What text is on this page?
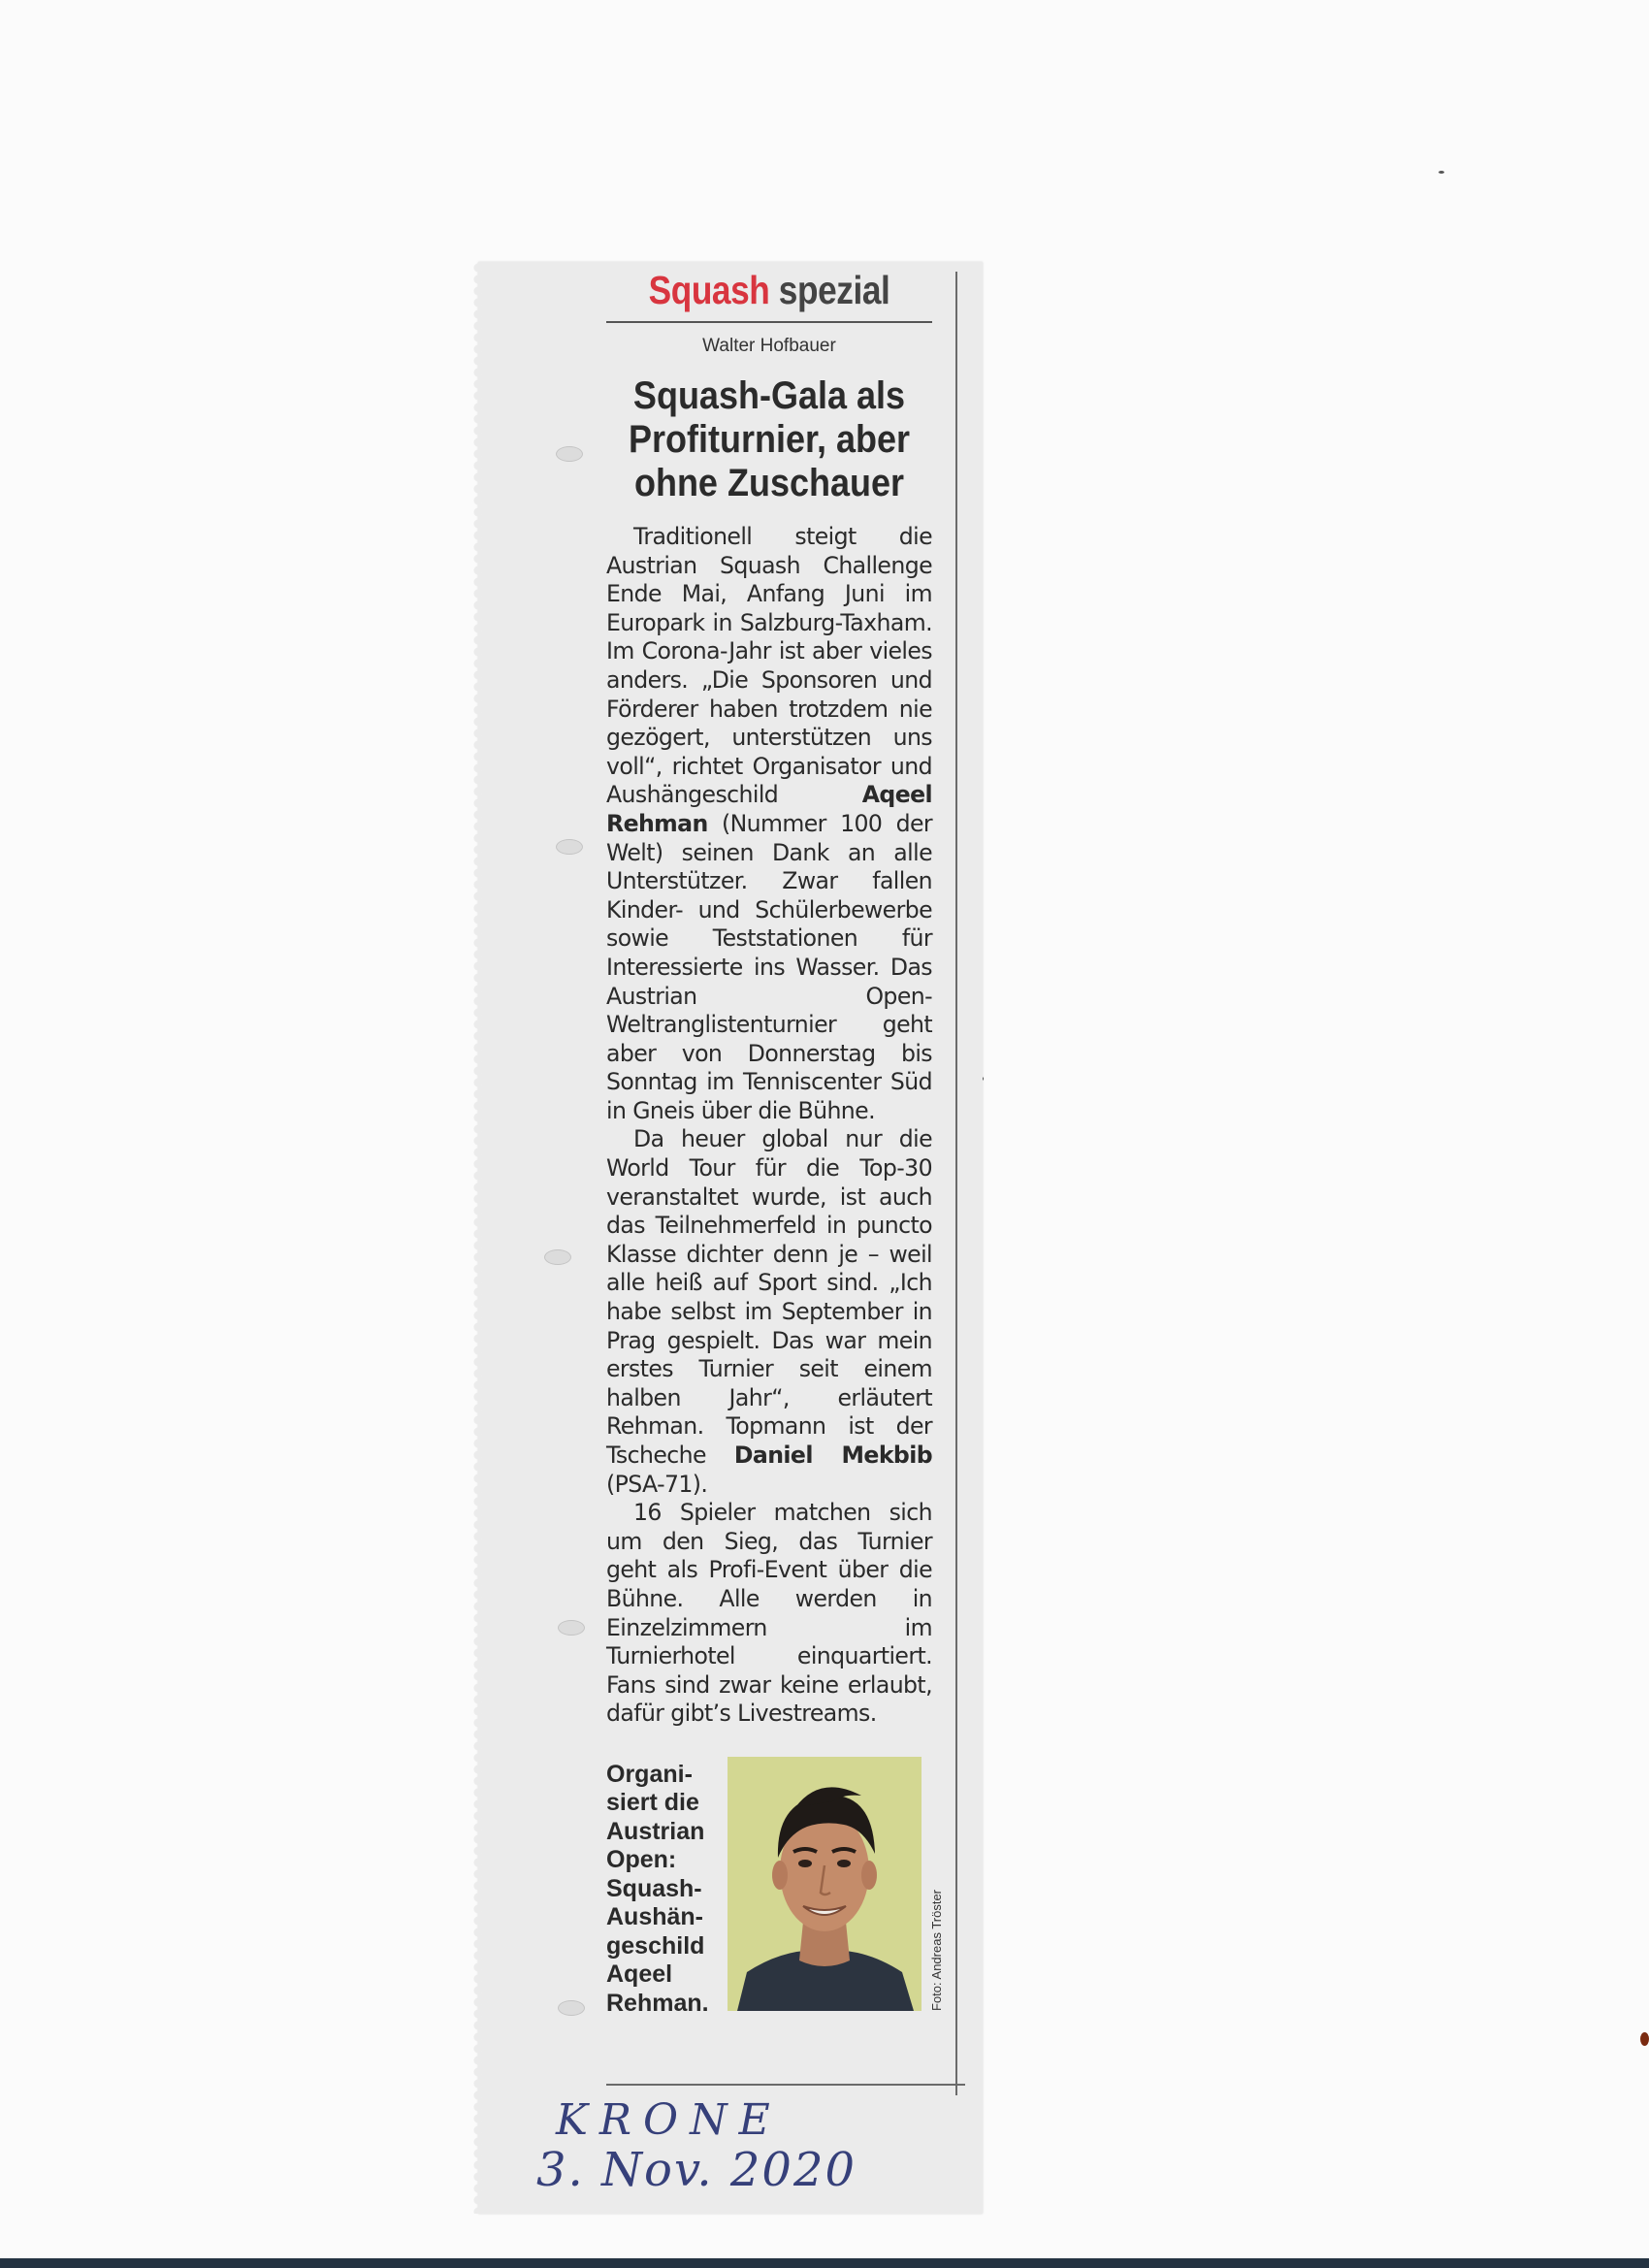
Squash spezial
Walter Hofbauer
Squash-Gala als
Profiturnier, aber
ohne Zuschauer

Traditionell steigt die Austrian Squash Challenge Ende Mai, Anfang Juni im Europark in Salzburg-Taxham. Im Corona-Jahr ist aber vieles anders. „Die Sponsoren und Förderer haben trotzdem nie gezögert, unterstützen uns voll“, richtet Organisator und Aushängeschild Aqeel Rehman (Nummer 100 der Welt) seinen Dank an alle Unterstützer. Zwar fallen Kinder- und Schülerbewerbe sowie Teststationen für Interessierte ins Wasser. Das Austrian Open-Weltranglistenturnier geht aber von Donnerstag bis Sonntag im Tenniscenter Süd in Gneis über die Bühne.

Da heuer global nur die World Tour für die Top-30 veranstaltet wurde, ist auch das Teilnehmerfeld in puncto Klasse dichter denn je – weil alle heiß auf Sport sind. „Ich habe selbst im September in Prag gespielt. Das war mein erstes Turnier seit einem halben Jahr“, erläutert Rehman. Topmann ist der Tscheche Daniel Mekbib (PSA-71).

16 Spieler matchen sich um den Sieg, das Turnier geht als Profi-Event über die Bühne. Alle werden in Einzelzimmern im Turnierhotel einquartiert. Fans sind zwar keine erlaubt, dafür gibt’s Livestreams.

Organi-
siert die
Austrian
Open:
Squash-
Aushän-
geschild
Aqeel
Rehman.	Foto: Andreas Tröster
KRONE
3. Nov. 2020
